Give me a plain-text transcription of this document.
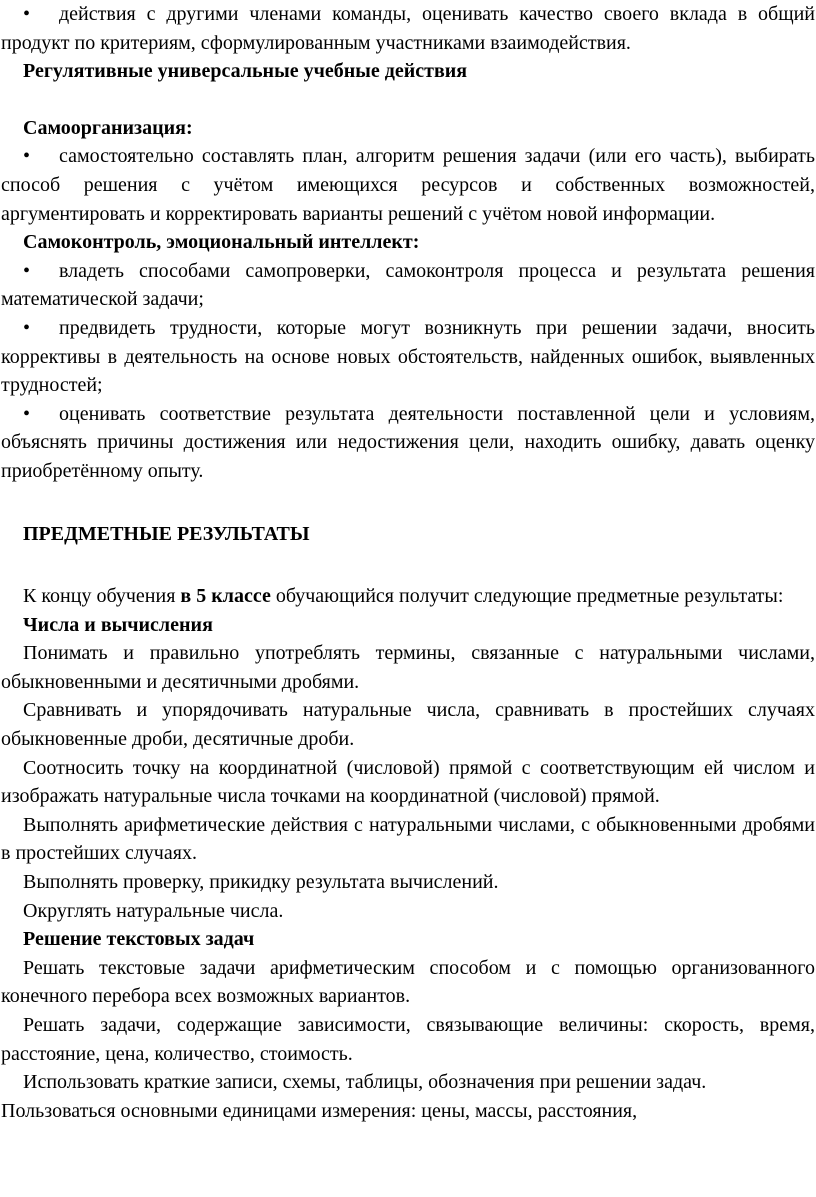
• действия с другими членами команды, оценивать качество своего вклада в общий продукт по критериям, сформулированным участниками взаимодействия.

Регулятивные универсальные учебные действия

Самоорганизация:

• самостоятельно составлять план, алгоритм решения задачи (или его часть), выбирать способ решения с учётом имеющихся ресурсов и собственных возможностей, аргументировать и корректировать варианты решений с учётом новой информации.

Самоконтроль, эмоциональный интеллект:

• владеть способами самопроверки, самоконтроля процесса и результата решения математической задачи;

• предвидеть трудности, которые могут возникнуть при решении задачи, вносить коррективы в деятельность на основе новых обстоятельств, найденных ошибок, выявленных трудностей;

• оценивать соответствие результата деятельности поставленной цели и условиям, объяснять причины достижения или недостижения цели, находить ошибку, давать оценку приобретённому опыту.

ПРЕДМЕТНЫЕ РЕЗУЛЬТАТЫ

К концу обучения в 5 классе обучающийся получит следующие предметные результаты:

Числа и вычисления

Понимать и правильно употреблять термины, связанные с натуральными числами, обыкновенными и десятичными дробями.

Сравнивать и упорядочивать натуральные числа, сравнивать в простейших случаях обыкновенные дроби, десятичные дроби.

Соотносить точку на координатной (числовой) прямой с соответствующим ей числом и изображать натуральные числа точками на координатной (числовой) прямой.

Выполнять арифметические действия с натуральными числами, с обыкновенными дробями в простейших случаях.

Выполнять проверку, прикидку результата вычислений.

Округлять натуральные числа.

Решение текстовых задач

Решать текстовые задачи арифметическим способом и с помощью организованного конечного перебора всех возможных вариантов.

Решать задачи, содержащие зависимости, связывающие величины: скорость, время, расстояние, цена, количество, стоимость.

Использовать краткие записи, схемы, таблицы, обозначения при решении задач.

Пользоваться основными единицами измерения: цены, массы, расстояния,
